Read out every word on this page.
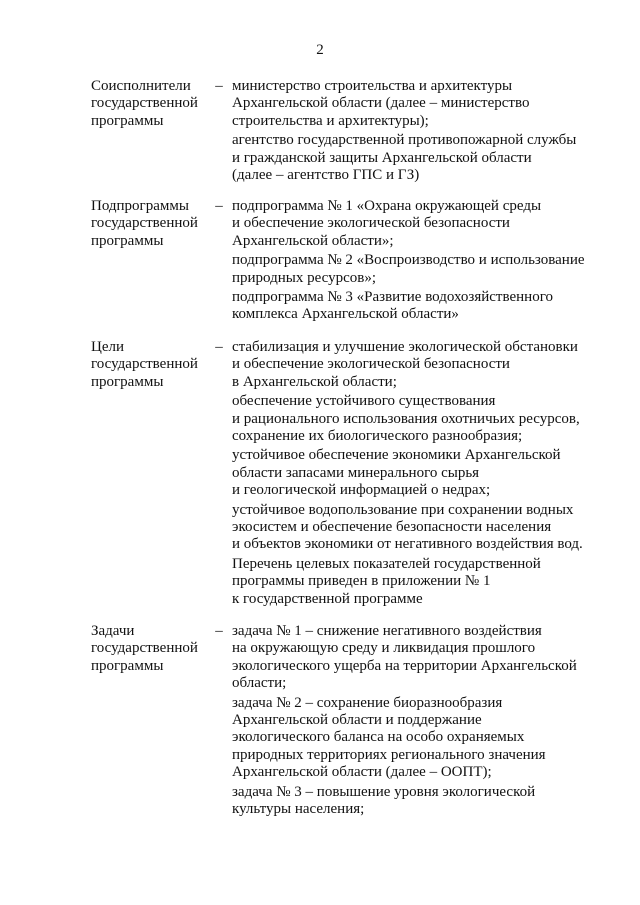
2
Соисполнители
государственной
программы
– министерство строительства и архитектуры
Архангельской области (далее – министерство
строительства и архитектуры);

агентство государственной противопожарной службы
и гражданской защиты Архангельской области
(далее – агентство ГПС и ГЗ)

Подпрограммы
государственной
программы
– подпрограмма № 1 «Охрана окружающей среды
и обеспечение экологической безопасности
Архангельской области»;

подпрограмма № 2 «Воспроизводство и использование
природных ресурсов»;

подпрограмма № 3 «Развитие водохозяйственного
комплекса Архангельской области»

Цели
государственной
программы
– стабилизация и улучшение экологической обстановки
и обеспечение экологической безопасности
в Архангельской области;

обеспечение устойчивого существования
и рационального использования охотничьих ресурсов,
сохранение их биологического разнообразия;

устойчивое обеспечение экономики Архангельской
области запасами минерального сырья
и геологической информацией о недрах;

устойчивое водопользование при сохранении водных
экосистем и обеспечение безопасности населения
и объектов экономики от негативного воздействия вод.

Перечень целевых показателей государственной
программы приведен в приложении № 1
к государственной программе

Задачи
государственной
программы
– задача № 1 – снижение негативного воздействия
на окружающую среду и ликвидация прошлого
экологического ущерба на территории Архангельской
области;

задача № 2 – сохранение биоразнообразия
Архангельской области и поддержание
экологического баланса на особо охраняемых
природных территориях регионального значения
Архангельской области (далее – ООПТ);

задача № 3 – повышение уровня экологической
культуры населения;
